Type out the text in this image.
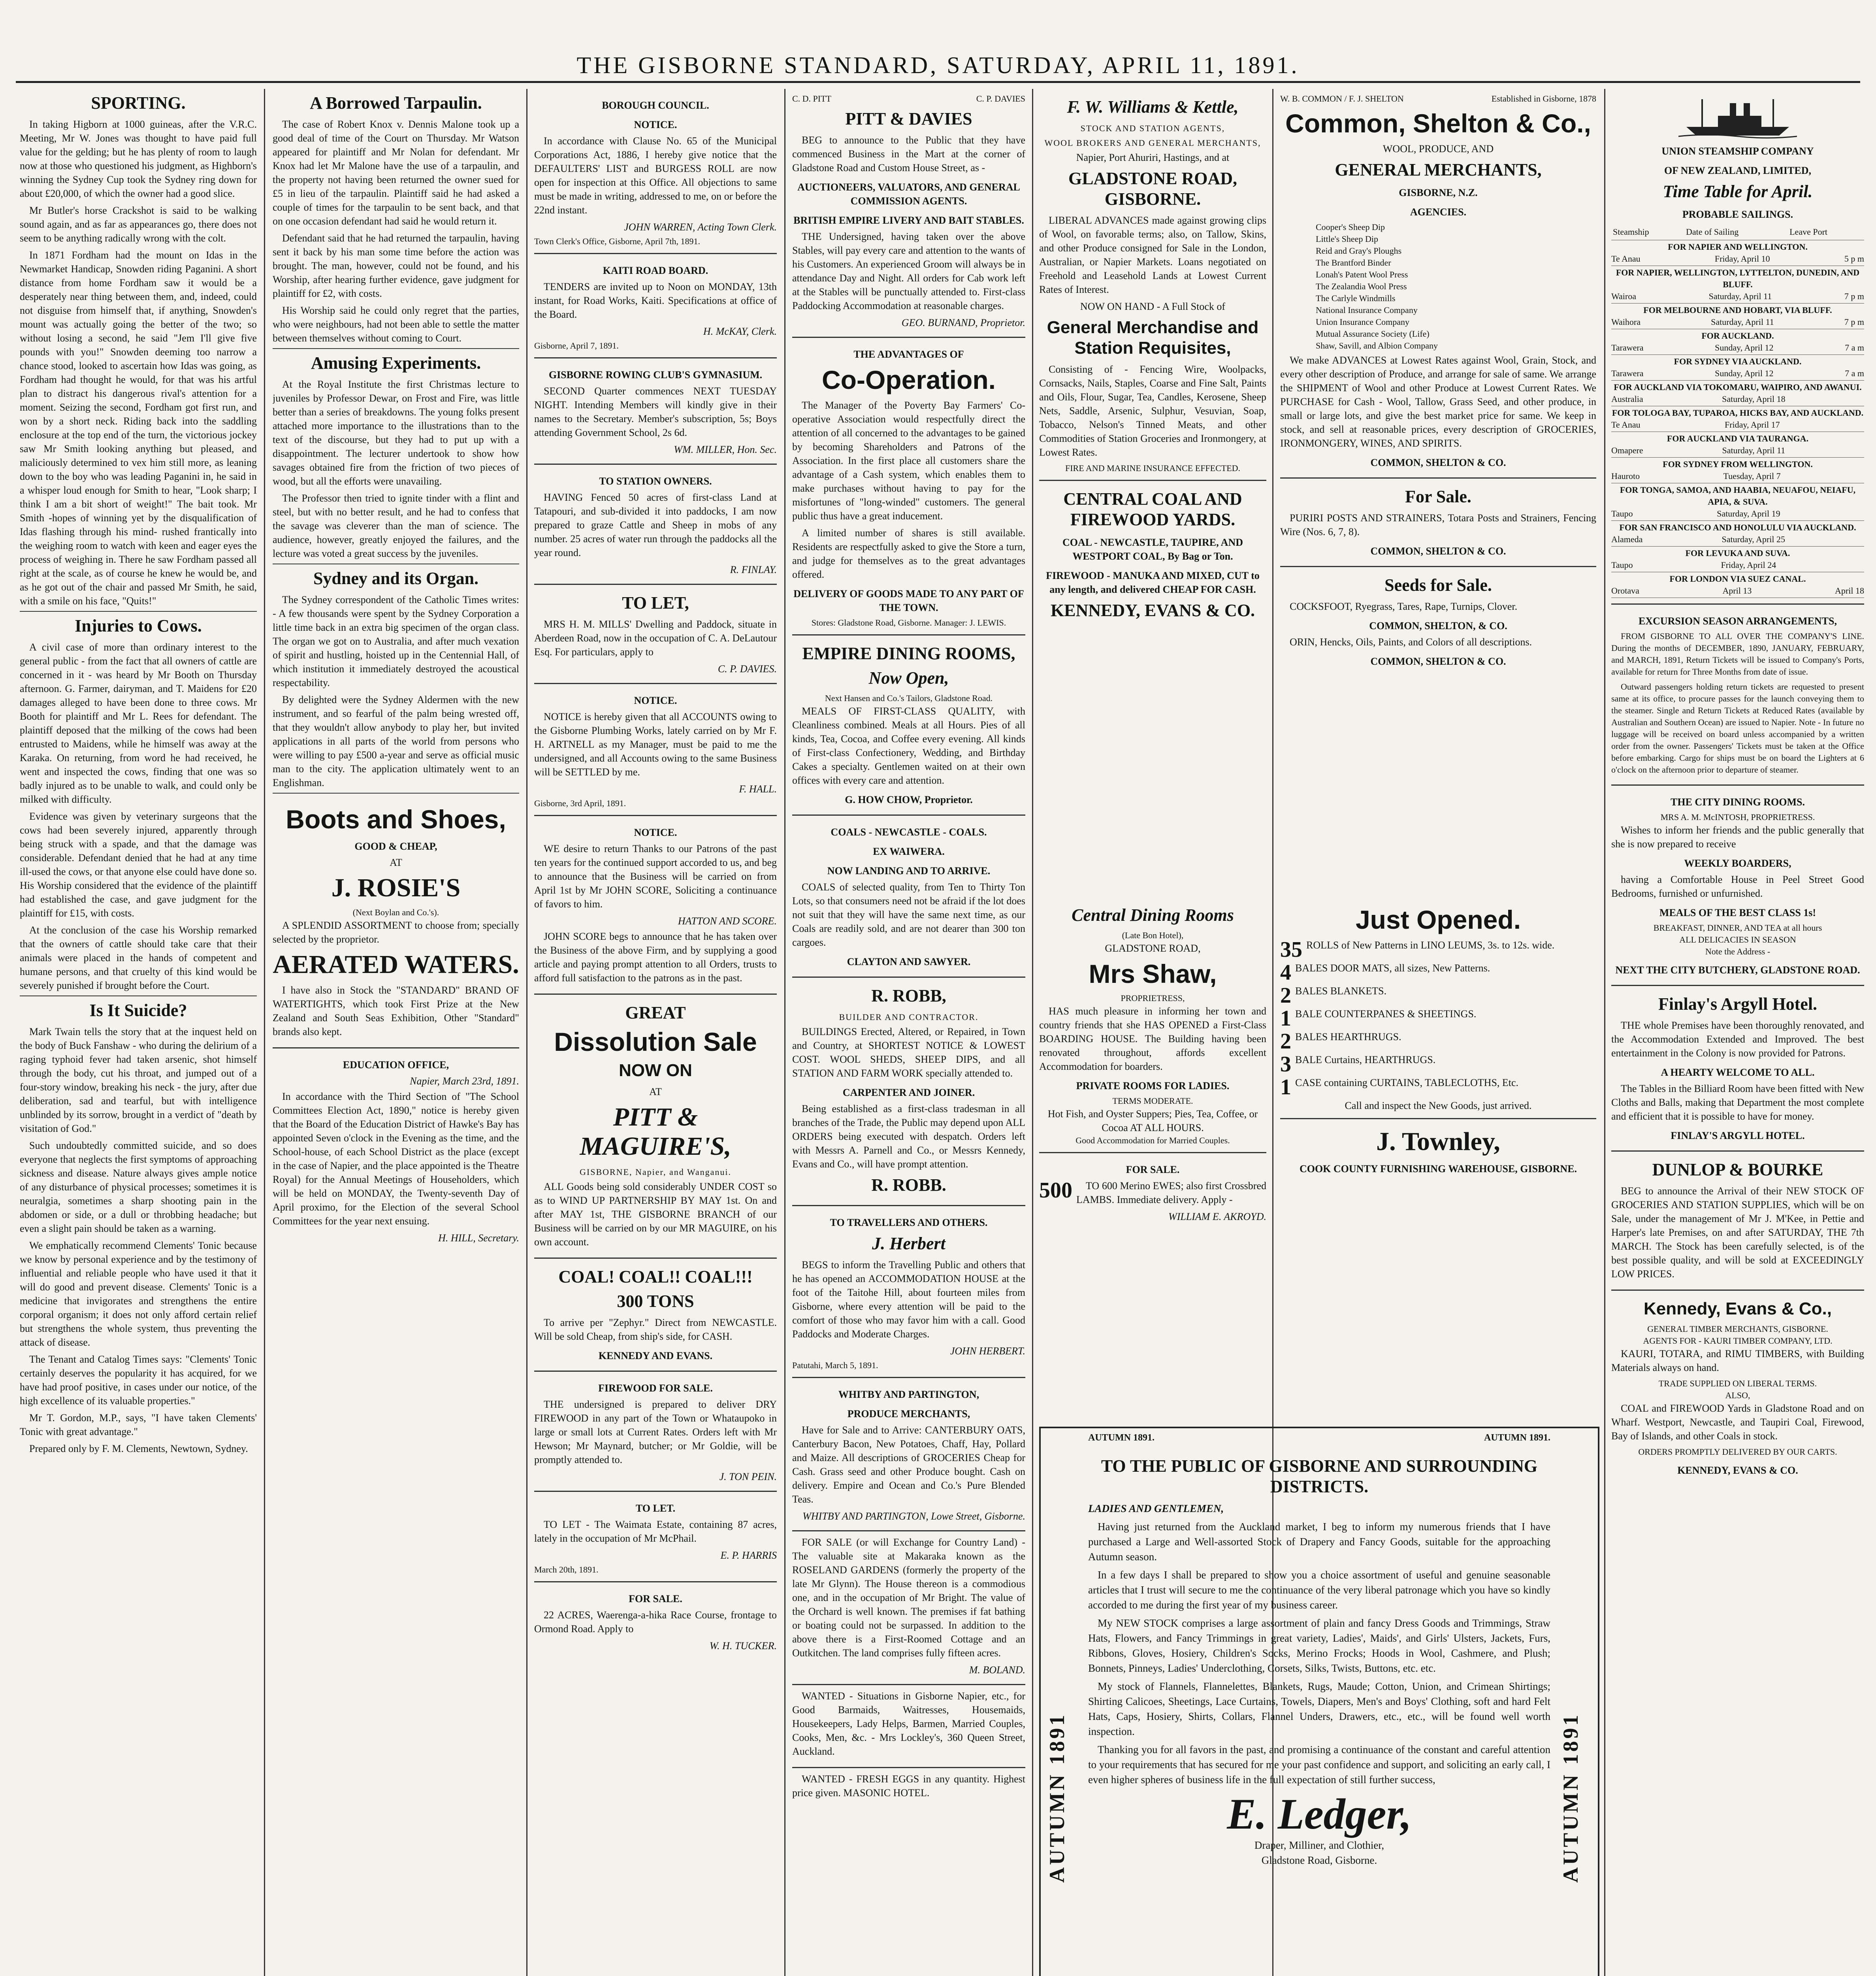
THE GISBORNE STANDARD, SATURDAY, APRIL 11, 1891.
SPORTING.

In taking Higborn at 1000 guineas, after the V.R.C. Meeting, Mr W. Jones was thought to have paid full value for the gelding; but he has plenty of room to laugh now at those who questioned his judgment, as Highborn's winning the Sydney Cup took the Sydney ring down for about £20,000, of which the owner had a good slice.

Mr Butler's horse Crackshot is said to be walking sound again, and as far as appearances go, there does not seem to be anything radically wrong with the colt.

In 1871 Fordham had the mount on Idas in the Newmarket Handicap, Snowden riding Paganini. A short distance from home Fordham saw it would be a desperately near thing between them, and, indeed, could not disguise from himself that, if anything, Snowden's mount was actually going the better of the two; so without losing a second, he said "Jem I'll give five pounds with you!" Snowden deeming too narrow a chance stood, looked to ascertain how Idas was going, as Fordham had thought he would, for that was his artful plan to distract his dangerous rival's attention for a moment. Seizing the second, Fordham got first run, and won by a short neck. Riding back into the saddling enclosure at the top end of the turn, the victorious jockey saw Mr Smith looking anything but pleased, and maliciously determined to vex him still more, as leaning down to the boy who was leading Paganini in, he said in a whisper loud enough for Smith to hear, "Look sharp; I think I am a bit short of weight!" The bait took. Mr Smith -hopes of winning yet by the disqualification of Idas flashing through his mind- rushed frantically into the weighing room to watch with keen and eager eyes the process of weighing in. There he saw Fordham passed all right at the scale, as of course he knew he would be, and as he got out of the chair and passed Mr Smith, he said, with a smile on his face, "Quits!"

Injuries to Cows.

A civil case of more than ordinary interest to the general public - from the fact that all owners of cattle are concerned in it - was heard by Mr Booth on Thursday afternoon. G. Farmer, dairyman, and T. Maidens for £20 damages alleged to have been done to three cows. Mr Booth for plaintiff and Mr L. Rees for defendant. The plaintiff deposed that the milking of the cows had been entrusted to Maidens, while he himself was away at the Karaka. On returning, from word he had received, he went and inspected the cows, finding that one was so badly injured as to be unable to walk, and could only be milked with difficulty.

Evidence was given by veterinary surgeons that the cows had been severely injured, apparently through being struck with a spade, and that the damage was considerable. Defendant denied that he had at any time ill-used the cows, or that anyone else could have done so. His Worship considered that the evidence of the plaintiff had established the case, and gave judgment for the plaintiff for £15, with costs.

At the conclusion of the case his Worship remarked that the owners of cattle should take care that their animals were placed in the hands of competent and humane persons, and that cruelty of this kind would be severely punished if brought before the Court.

Is It Suicide?

Mark Twain tells the story that at the inquest held on the body of Buck Fanshaw - who during the delirium of a raging typhoid fever had taken arsenic, shot himself through the body, cut his throat, and jumped out of a four-story window, breaking his neck - the jury, after due deliberation, sad and tearful, but with intelligence unblinded by its sorrow, brought in a verdict of "death by visitation of God."

Such undoubtedly committed suicide, and so does everyone that neglects the first symptoms of approaching sickness and disease. Nature always gives ample notice of any disturbance of physical processes; sometimes it is neuralgia, sometimes a sharp shooting pain in the abdomen or side, or a dull or throbbing headache; but even a slight pain should be taken as a warning.

We emphatically recommend Clements' Tonic because we know by personal experience and by the testimony of influential and reliable people who have used it that it will do good and prevent disease. Clements' Tonic is a medicine that invigorates and strengthens the entire corporal organism; it does not only afford certain relief but strengthens the whole system, thus preventing the attack of disease.

The Tenant and Catalog Times says: "Clements' Tonic certainly deserves the popularity it has acquired, for we have had proof positive, in cases under our notice, of the high excellence of its valuable properties."

Mr T. Gordon, M.P., says, "I have taken Clements' Tonic with great advantage."

Prepared only by F. M. Clements, Newtown, Sydney.

A Borrowed Tarpaulin.

The case of Robert Knox v. Dennis Malone took up a good deal of time of the Court on Thursday. Mr Watson appeared for plaintiff and Mr Nolan for defendant. Mr Knox had let Mr Malone have the use of a tarpaulin, and the property not having been returned the owner sued for £5 in lieu of the tarpaulin. Plaintiff said he had asked a couple of times for the tarpaulin to be sent back, and that on one occasion defendant had said he would return it.

Defendant said that he had returned the tarpaulin, having sent it back by his man some time before the action was brought. The man, however, could not be found, and his Worship, after hearing further evidence, gave judgment for plaintiff for £2, with costs.

His Worship said he could only regret that the parties, who were neighbours, had not been able to settle the matter between themselves without coming to Court.

Amusing Experiments.

At the Royal Institute the first Christmas lecture to juveniles by Professor Dewar, on Frost and Fire, was little better than a series of breakdowns. The young folks present attached more importance to the illustrations than to the text of the discourse, but they had to put up with a disappointment. The lecturer undertook to show how savages obtained fire from the friction of two pieces of wood, but all the efforts were unavailing.

The Professor then tried to ignite tinder with a flint and steel, but with no better result, and he had to confess that the savage was cleverer than the man of science. The audience, however, greatly enjoyed the failures, and the lecture was voted a great success by the juveniles.

Sydney and its Organ.

The Sydney correspondent of the Catholic Times writes: - A few thousands were spent by the Sydney Corporation a little time back in an extra big specimen of the organ class. The organ we got on to Australia, and after much vexation of spirit and hustling, hoisted up in the Centennial Hall, of which institution it immediately destroyed the acoustical respectability.

By delighted were the Sydney Aldermen with the new instrument, and so fearful of the palm being wrested off, that they wouldn't allow anybody to play her, but invited applications in all parts of the world from persons who were willing to pay £500 a-year and serve as official music man to the city. The application ultimately went to an Englishman.

Boots and Shoes,
GOOD & CHEAP,
AT
J. ROSIE'S
(Next Boylan and Co.'s).

A SPLENDID ASSORTMENT to choose from; specially selected by the proprietor.

AERATED WATERS.

I have also in Stock the "STANDARD" BRAND OF WATERTIGHTS, which took First Prize at the New Zealand and South Seas Exhibition, Other "Standard" brands also kept.

EDUCATION OFFICE,
Napier, March 23rd, 1891.

In accordance with the Third Section of "The School Committees Election Act, 1890," notice is hereby given that the Board of the Education District of Hawke's Bay has appointed Seven o'clock in the Evening as the time, and the School-house, of each School District as the place (except in the case of Napier, and the place appointed is the Theatre Royal) for the Annual Meetings of Householders, which will be held on MONDAY, the Twenty-seventh Day of April proximo, for the Election of the several School Committees for the year next ensuing.

H. HILL, Secretary.
BOROUGH COUNCIL.
NOTICE.

In accordance with Clause No. 65 of the Municipal Corporations Act, 1886, I hereby give notice that the DEFAULTERS' LIST and BURGESS ROLL are now open for inspection at this Office. All objections to same must be made in writing, addressed to me, on or before the 22nd instant.

JOHN WARREN, Acting Town Clerk.
Town Clerk's Office, Gisborne, April 7th, 1891.
KAITI ROAD BOARD.

TENDERS are invited up to Noon on MONDAY, 13th instant, for Road Works, Kaiti. Specifications at office of the Board.

H. McKAY, Clerk.
Gisborne, April 7, 1891.
GISBORNE ROWING CLUB'S GYMNASIUM.

SECOND Quarter commences NEXT TUESDAY NIGHT. Intending Members will kindly give in their names to the Secretary. Member's subscription, 5s; Boys attending Government School, 2s 6d.

WM. MILLER, Hon. Sec.
TO STATION OWNERS.

HAVING Fenced 50 acres of first-class Land at Tatapouri, and sub-divided it into paddocks, I am now prepared to graze Cattle and Sheep in mobs of any number. 25 acres of water run through the paddocks all the year round.

R. FINLAY.
TO LET,

MRS H. M. MILLS' Dwelling and Paddock, situate in Aberdeen Road, now in the occupation of C. A. DeLautour Esq. For particulars, apply to

C. P. DAVIES.
NOTICE.

NOTICE is hereby given that all ACCOUNTS owing to the Gisborne Plumbing Works, lately carried on by Mr F. H. ARTNELL as my Manager, must be paid to me the undersigned, and all Accounts owing to the same Business will be SETTLED by me.

F. HALL.
Gisborne, 3rd April, 1891.
NOTICE.

WE desire to return Thanks to our Patrons of the past ten years for the continued support accorded to us, and beg to announce that the Business will be carried on from April 1st by Mr JOHN SCORE, Soliciting a continuance of favors to him.

HATTON AND SCORE.

JOHN SCORE begs to announce that he has taken over the Business of the above Firm, and by supplying a good article and paying prompt attention to all Orders, trusts to afford full satisfaction to the patrons as in the past.

GREAT
Dissolution Sale
NOW ON
AT
PITT & MAGUIRE'S,
GISBORNE, Napier, and Wanganui.

ALL Goods being sold considerably UNDER COST so as to WIND UP PARTNERSHIP BY MAY 1st. On and after MAY 1st, THE GISBORNE BRANCH of our Business will be carried on by our MR MAGUIRE, on his own account.

COAL! COAL!! COAL!!!
300 TONS

To arrive per "Zephyr." Direct from NEWCASTLE. Will be sold Cheap, from ship's side, for CASH.

KENNEDY AND EVANS.
FIREWOOD FOR SALE.

THE undersigned is prepared to deliver DRY FIREWOOD in any part of the Town or Whataupoko in large or small lots at Current Rates. Orders left with Mr Hewson; Mr Maynard, butcher; or Mr Goldie, will be promptly attended to.

J. TON PEIN.
TO LET.

TO LET - The Waimata Estate, containing 87 acres, lately in the occupation of Mr McPhail.

E. P. HARRIS
March 20th, 1891.
FOR SALE.

22 ACRES, Waerenga-a-hika Race Course, frontage to Ormond Road. Apply to

W. H. TUCKER.
C. D. PITT	C. P. DAVIES
PITT & DAVIES

BEG to announce to the Public that they have commenced Business in the Mart at the corner of Gladstone Road and Custom House Street, as -

AUCTIONEERS, VALUATORS, AND GENERAL COMMISSION AGENTS.
BRITISH EMPIRE LIVERY AND BAIT STABLES.

THE Undersigned, having taken over the above Stables, will pay every care and attention to the wants of his Customers. An experienced Groom will always be in attendance Day and Night. All orders for Cab work left at the Stables will be punctually attended to. First-class Paddocking Accommodation at reasonable charges.

GEO. BURNAND, Proprietor.
THE ADVANTAGES OF
Co-Operation.

The Manager of the Poverty Bay Farmers' Co-operative Association would respectfully direct the attention of all concerned to the advantages to be gained by becoming Shareholders and Patrons of the Association. In the first place all customers share the advantage of a Cash system, which enables them to make purchases without having to pay for the misfortunes of "long-winded" customers. The general public thus have a great inducement.

A limited number of shares is still available. Residents are respectfully asked to give the Store a turn, and judge for themselves as to the great advantages offered.

DELIVERY OF GOODS MADE TO ANY PART OF THE TOWN.
Stores: Gladstone Road, Gisborne. Manager: J. LEWIS.
EMPIRE DINING ROOMS,
Now Open,
Next Hansen and Co.'s Tailors, Gladstone Road.

MEALS OF FIRST-CLASS QUALITY, with Cleanliness combined. Meals at all Hours. Pies of all kinds, Tea, Cocoa, and Coffee every evening. All kinds of First-class Confectionery, Wedding, and Birthday Cakes a specialty. Gentlemen waited on at their own offices with every care and attention.

G. HOW CHOW, Proprietor.
COALS - NEWCASTLE - COALS.
EX WAIWERA.
NOW LANDING AND TO ARRIVE.

COALS of selected quality, from Ten to Thirty Ton Lots, so that consumers need not be afraid if the lot does not suit that they will have the same next time, as our Coals are readily sold, and are not dearer than 300 ton cargoes.

CLAYTON AND SAWYER.
R. ROBB,
BUILDER AND CONTRACTOR.

BUILDINGS Erected, Altered, or Repaired, in Town and Country, at SHORTEST NOTICE & LOWEST COST. WOOL SHEDS, SHEEP DIPS, and all STATION AND FARM WORK specially attended to.

CARPENTER AND JOINER.

Being established as a first-class tradesman in all branches of the Trade, the Public may depend upon ALL ORDERS being executed with despatch. Orders left with Messrs A. Parnell and Co., or Messrs Kennedy, Evans and Co., will have prompt attention.

R. ROBB.
TO TRAVELLERS AND OTHERS.
J. Herbert

BEGS to inform the Travelling Public and others that he has opened an ACCOMMODATION HOUSE at the foot of the Taitohe Hill, about fourteen miles from Gisborne, where every attention will be paid to the comfort of those who may favor him with a call. Good Paddocks and Moderate Charges.

JOHN HERBERT.
Patutahi, March 5, 1891.
WHITBY AND PARTINGTON,
PRODUCE MERCHANTS,

Have for Sale and to Arrive: CANTERBURY OATS, Canterbury Bacon, New Potatoes, Chaff, Hay, Pollard and Maize. All descriptions of GROCERIES Cheap for Cash. Grass seed and other Produce bought. Cash on delivery. Empire and Ocean and Co.'s Pure Blended Teas.

WHITBY AND PARTINGTON, Lowe Street, Gisborne.

FOR SALE (or will Exchange for Country Land) - The valuable site at Makaraka known as the ROSELAND GARDENS (formerly the property of the late Mr Glynn). The House thereon is a commodious one, and in the occupation of Mr Bright. The value of the Orchard is well known. The premises if fat bathing or boating could not be surpassed. In addition to the above there is a First-Roomed Cottage and an Outkitchen. The land comprises fully fifteen acres.

M. BOLAND.

WANTED - Situations in Gisborne Napier, etc., for Good Barmaids, Waitresses, Housemaids, Housekeepers, Lady Helps, Barmen, Married Couples, Cooks, Men, &c. - Mrs Lockley's, 360 Queen Street, Auckland.

WANTED - FRESH EGGS in any quantity. Highest price given. MASONIC HOTEL.

F. W. Williams & Kettle,
STOCK AND STATION AGENTS,
WOOL BROKERS AND GENERAL MERCHANTS,
Napier, Port Ahuriri, Hastings, and at
GLADSTONE ROAD, GISBORNE.

LIBERAL ADVANCES made against growing clips of Wool, on favorable terms; also, on Tallow, Skins, and other Produce consigned for Sale in the London, Australian, or Napier Markets. Loans negotiated on Freehold and Leasehold Lands at Lowest Current Rates of Interest.

NOW ON HAND - A Full Stock of
General Merchandise and Station Requisites,

Consisting of - Fencing Wire, Woolpacks, Cornsacks, Nails, Staples, Coarse and Fine Salt, Paints and Oils, Flour, Sugar, Tea, Candles, Kerosene, Sheep Nets, Saddle, Arsenic, Sulphur, Vesuvian, Soap, Tobacco, Nelson's Tinned Meats, and other Commodities of Station Groceries and Ironmongery, at Lowest Rates.

FIRE AND MARINE INSURANCE EFFECTED.
CENTRAL COAL AND FIREWOOD YARDS.
COAL - NEWCASTLE, TAUPIRE, AND WESTPORT COAL, By Bag or Ton.
FIREWOOD - MANUKA AND MIXED, CUT to any length, and delivered CHEAP FOR CASH.
KENNEDY, EVANS & CO.
W. B. COMMON / F. J. SHELTON	Established in Gisborne, 1878
Common, Shelton & Co.,
WOOL, PRODUCE, AND
GENERAL MERCHANTS,
GISBORNE, N.Z.
AGENCIES.
Cooper's Sheep Dip
Little's Sheep Dip
Reid and Gray's Ploughs
The Brantford Binder
Lonah's Patent Wool Press
The Zealandia Wool Press
The Carlyle Windmills
National Insurance Company
Union Insurance Company
Mutual Assurance Society (Life)
Shaw, Savill, and Albion Company

We make ADVANCES at Lowest Rates against Wool, Grain, Stock, and every other description of Produce, and arrange for sale of same. We arrange the SHIPMENT of Wool and other Produce at Lowest Current Rates. We PURCHASE for Cash - Wool, Tallow, Grass Seed, and other produce, in small or large lots, and give the best market price for same. We keep in stock, and sell at reasonable prices, every description of GROCERIES, IRONMONGERY, WINES, AND SPIRITS.

COMMON, SHELTON & CO.
For Sale.

PURIRI POSTS AND STRAINERS, Totara Posts and Strainers, Fencing Wire (Nos. 6, 7, 8).

COMMON, SHELTON & CO.
Seeds for Sale.

COCKSFOOT, Ryegrass, Tares, Rape, Turnips, Clover.

COMMON, SHELTON, & CO.

ORIN, Hencks, Oils, Paints, and Colors of all descriptions.

COMMON, SHELTON & CO.
Central Dining Rooms
(Late Bon Hotel),
GLADSTONE ROAD,
Mrs Shaw,
PROPRIETRESS,

HAS much pleasure in informing her town and country friends that she HAS OPENED a First-Class BOARDING HOUSE. The Building having been renovated throughout, affords excellent Accommodation for boarders.

PRIVATE ROOMS FOR LADIES.
TERMS MODERATE.
Hot Fish, and Oyster Suppers; Pies, Tea, Coffee, or Cocoa AT ALL HOURS.
Good Accommodation for Married Couples.
FOR SALE.
500	TO 600 Merino EWES; also first Crossbred LAMBS. Immediate delivery. Apply -

WILLIAM E. AKROYD.
Just Opened.
35 ROLLS of New Patterns in LINO LEUMS, 3s. to 12s. wide.
4 BALES DOOR MATS, all sizes, New Patterns.
2 BALES BLANKETS.
1 BALE COUNTERPANES & SHEETINGS.
2 BALES HEARTHRUGS.
3 BALE Curtains, HEARTHRUGS.
1 CASE containing CURTAINS, TABLECLOTHS, Etc.
Call and inspect the New Goods, just arrived.
J. Townley,
COOK COUNTY FURNISHING WAREHOUSE, GISBORNE.
AUTUMN 1891	AUTUMN 1891
AUTUMN 1891.	AUTUMN 1891.
TO THE PUBLIC OF GISBORNE AND SURROUNDING DISTRICTS.
LADIES AND GENTLEMEN,

Having just returned from the Auckland market, I beg to inform my numerous friends that I have purchased a Large and Well-assorted Stock of Drapery and Fancy Goods, suitable for the approaching Autumn season.

In a few days I shall be prepared to show you a choice assortment of useful and genuine seasonable articles that I trust will secure to me the continuance of the very liberal patronage which you have so kindly accorded to me during the first year of my business career.

My NEW STOCK comprises a large assortment of plain and fancy Dress Goods and Trimmings, Straw Hats, Flowers, and Fancy Trimmings in great variety, Ladies', Maids', and Girls' Ulsters, Jackets, Furs, Ribbons, Gloves, Hosiery, Children's Socks, Merino Frocks; Hoods in Wool, Cashmere, and Plush; Bonnets, Pinneys, Ladies' Underclothing, Corsets, Silks, Twists, Buttons, etc. etc.

My stock of Flannels, Flannelettes, Blankets, Rugs, Maude; Cotton, Union, and Crimean Shirtings; Shirting Calicoes, Sheetings, Lace Curtains, Towels, Diapers, Men's and Boys' Clothing, soft and hard Felt Hats, Caps, Hosiery, Shirts, Collars, Flannel Unders, Drawers, etc., etc., will be found well worth inspection.

Thanking you for all favors in the past, and promising a continuance of the constant and careful attention to your requirements that has secured for me your past confidence and support, and soliciting an early call, I even higher spheres of business life in the full expectation of still further success,

E. Ledger,
Draper, Milliner, and Clothier,
Gladstone Road, Gisborne.

UNION STEAMSHIP COMPANY
OF NEW ZEALAND, LIMITED,
Time Table for April.
PROBABLE SAILINGS.
Steamship	Date of Sailing	Leave Port
FOR NAPIER AND WELLINGTON.
Te Anau	Friday, April 10	5 p m
FOR NAPIER, WELLINGTON, LYTTELTON, DUNEDIN, AND BLUFF.
Wairoa	Saturday, April 11	7 p m
FOR MELBOURNE AND HOBART, VIA BLUFF.
Waihora	Saturday, April 11	7 p m
FOR AUCKLAND.
Tarawera	Sunday, April 12	7 a m
FOR SYDNEY VIA AUCKLAND.
Tarawera	Sunday, April 12	7 a m
FOR AUCKLAND VIA TOKOMARU, WAIPIRO, AND AWANUI.
Australia	Saturday, April 18
FOR TOLOGA BAY, TUPAROA, HICKS BAY, AND AUCKLAND.
Te Anau	Friday, April 17
FOR AUCKLAND VIA TAURANGA.
Omapere	Saturday, April 11
FOR SYDNEY FROM WELLINGTON.
Hauroto	Tuesday, April 7
FOR TONGA, SAMOA, AND HAABIA, NEUAFOU, NEIAFU, APIA, & SUVA.
Taupo	Saturday, April 19
FOR SAN FRANCISCO AND HONOLULU VIA AUCKLAND.
Alameda	Saturday, April 25
FOR LEVUKA AND SUVA.
Taupo	Friday, April 24
FOR LONDON VIA SUEZ CANAL.
Orotava	April 13	April 18
EXCURSION SEASON ARRANGEMENTS,

FROM GISBORNE TO ALL OVER THE COMPANY'S LINE. During the months of DECEMBER, 1890, JANUARY, FEBRUARY, and MARCH, 1891, Return Tickets will be issued to Company's Ports, available for return for Three Months from date of issue.

Outward passengers holding return tickets are requested to present same at its office, to procure passes for the launch conveying them to the steamer. Single and Return Tickets at Reduced Rates (available by Australian and Southern Ocean) are issued to Napier. Note - In future no luggage will be received on board unless accompanied by a written order from the owner. Passengers' Tickets must be taken at the Office before embarking. Cargo for ships must be on board the Lighters at 6 o'clock on the afternoon prior to departure of steamer.

THE CITY DINING ROOMS.
MRS A. M. McINTOSH, PROPRIETRESS.

Wishes to inform her friends and the public generally that she is now prepared to receive

WEEKLY BOARDERS,

having a Comfortable House in Peel Street Good Bedrooms, furnished or unfurnished.

MEALS OF THE BEST CLASS 1s!
BREAKFAST, DINNER, AND TEA at all hours
ALL DELICACIES IN SEASON
Note the Address -
NEXT THE CITY BUTCHERY, GLADSTONE ROAD.
Finlay's Argyll Hotel.

THE whole Premises have been thoroughly renovated, and the Accommodation Extended and Improved. The best entertainment in the Colony is now provided for Patrons.

A HEARTY WELCOME TO ALL.

The Tables in the Billiard Room have been fitted with New Cloths and Balls, making that Department the most complete and efficient that it is possible to have for money.

FINLAY'S ARGYLL HOTEL.
DUNLOP & BOURKE

BEG to announce the Arrival of their NEW STOCK OF GROCERIES AND STATION SUPPLIES, which will be on Sale, under the management of Mr J. M'Kee, in Pettie and Harper's late Premises, on and after SATURDAY, THE 7th MARCH. The Stock has been carefully selected, is of the best possible quality, and will be sold at EXCEEDINGLY LOW PRICES.

Kennedy, Evans & Co.,
GENERAL TIMBER MERCHANTS, GISBORNE.
AGENTS FOR - KAURI TIMBER COMPANY, LTD.

KAURI, TOTARA, and RIMU TIMBERS, with Building Materials always on hand.

TRADE SUPPLIED ON LIBERAL TERMS.
ALSO,

COAL and FIREWOOD Yards in Gladstone Road and on Wharf. Westport, Newcastle, and Taupiri Coal, Firewood, Bay of Islands, and other Coals in stock.

ORDERS PROMPTLY DELIVERED BY OUR CARTS.
KENNEDY, EVANS & CO.
